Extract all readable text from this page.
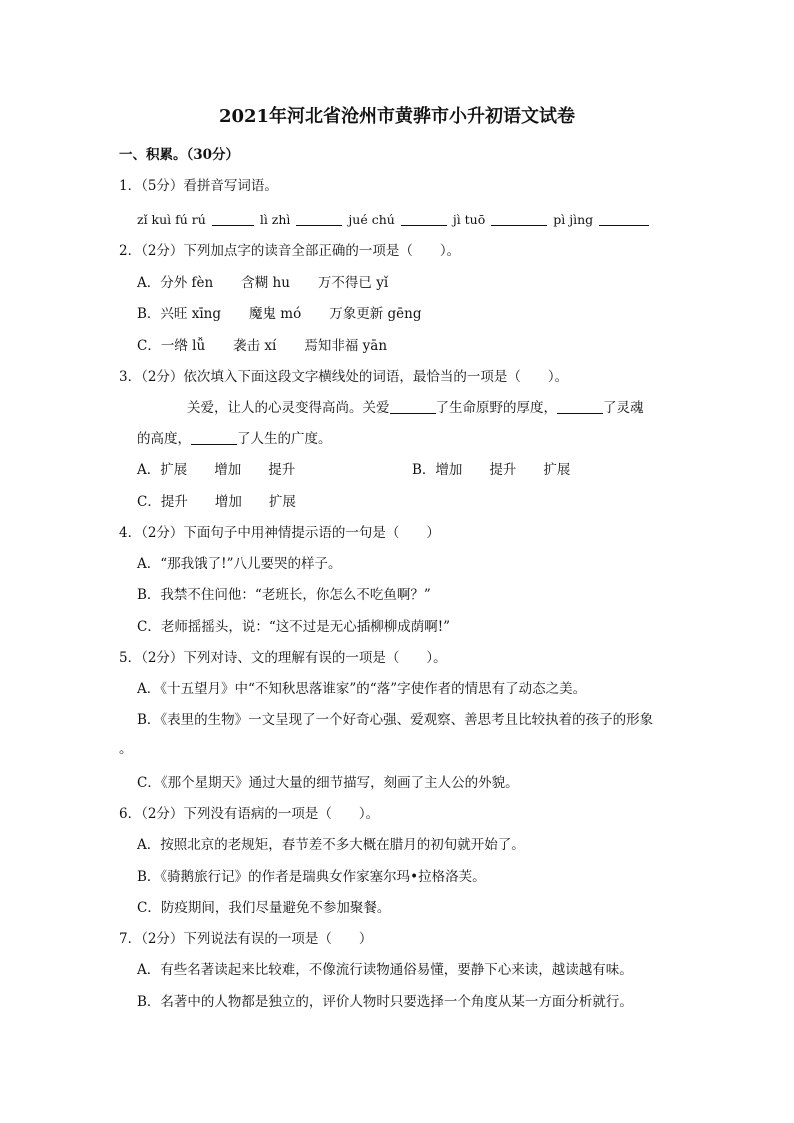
2021年河北省沧州市黄骅市小升初语文试卷
一、积累。（30分）
1．（5分）看拼音写词语。
zǐ kuì fú rú	lì zhì	jué chú	jì tuō	pì jìng
2．（2分）下列加点字的读音全部正确的一项是（　　）。
A．分外 fèn 含糊 hu 万不得已 yǐ
B．兴旺 xīng 魔鬼 mó 万象更新 gēng
C．一绺 lǚ 袭击 xí 焉知非福 yān
3．（2分）依次填入下面这段文字横线处的词语，最恰当的一项是（　　）。
关爱，让人的心灵变得高尚。关爱	了生命原野的厚度，	了灵魂
的高度，	了人生的广度。
A．扩展　　增加　　提升	B．增加　　提升　　扩展
C．提升　　增加　　扩展
4．（2分）下面句子中用神情提示语的一句是（　　）
A．“那我饿了!”八儿要哭的样子。
B．我禁不住问他：“老班长，你怎么不吃鱼啊？”
C．老师摇摇头，说：“这不过是无心插柳柳成荫啊!”
5．（2分）下列对诗、文的理解有误的一项是（　　）。
A．《十五望月》中“不知秋思落谁家”的“落”字使作者的情思有了动态之美。
B．《表里的生物》一文呈现了一个好奇心强、爱观察、善思考且比较执着的孩子的形象
。
C．《那个星期天》通过大量的细节描写，刻画了主人公的外貌。
6．（2分）下列没有语病的一项是（　　）。
A．按照北京的老规矩，春节差不多大概在腊月的初旬就开始了。
B．《骑鹅旅行记》的作者是瑞典女作家塞尔玛•拉格洛芙。
C．防疫期间，我们尽量避免不参加聚餐。
7．（2分）下列说法有误的一项是（　　）
A．有些名著读起来比较难，不像流行读物通俗易懂，要静下心来读，越读越有味。
B．名著中的人物都是独立的，评价人物时只要选择一个角度从某一方面分析就行。
